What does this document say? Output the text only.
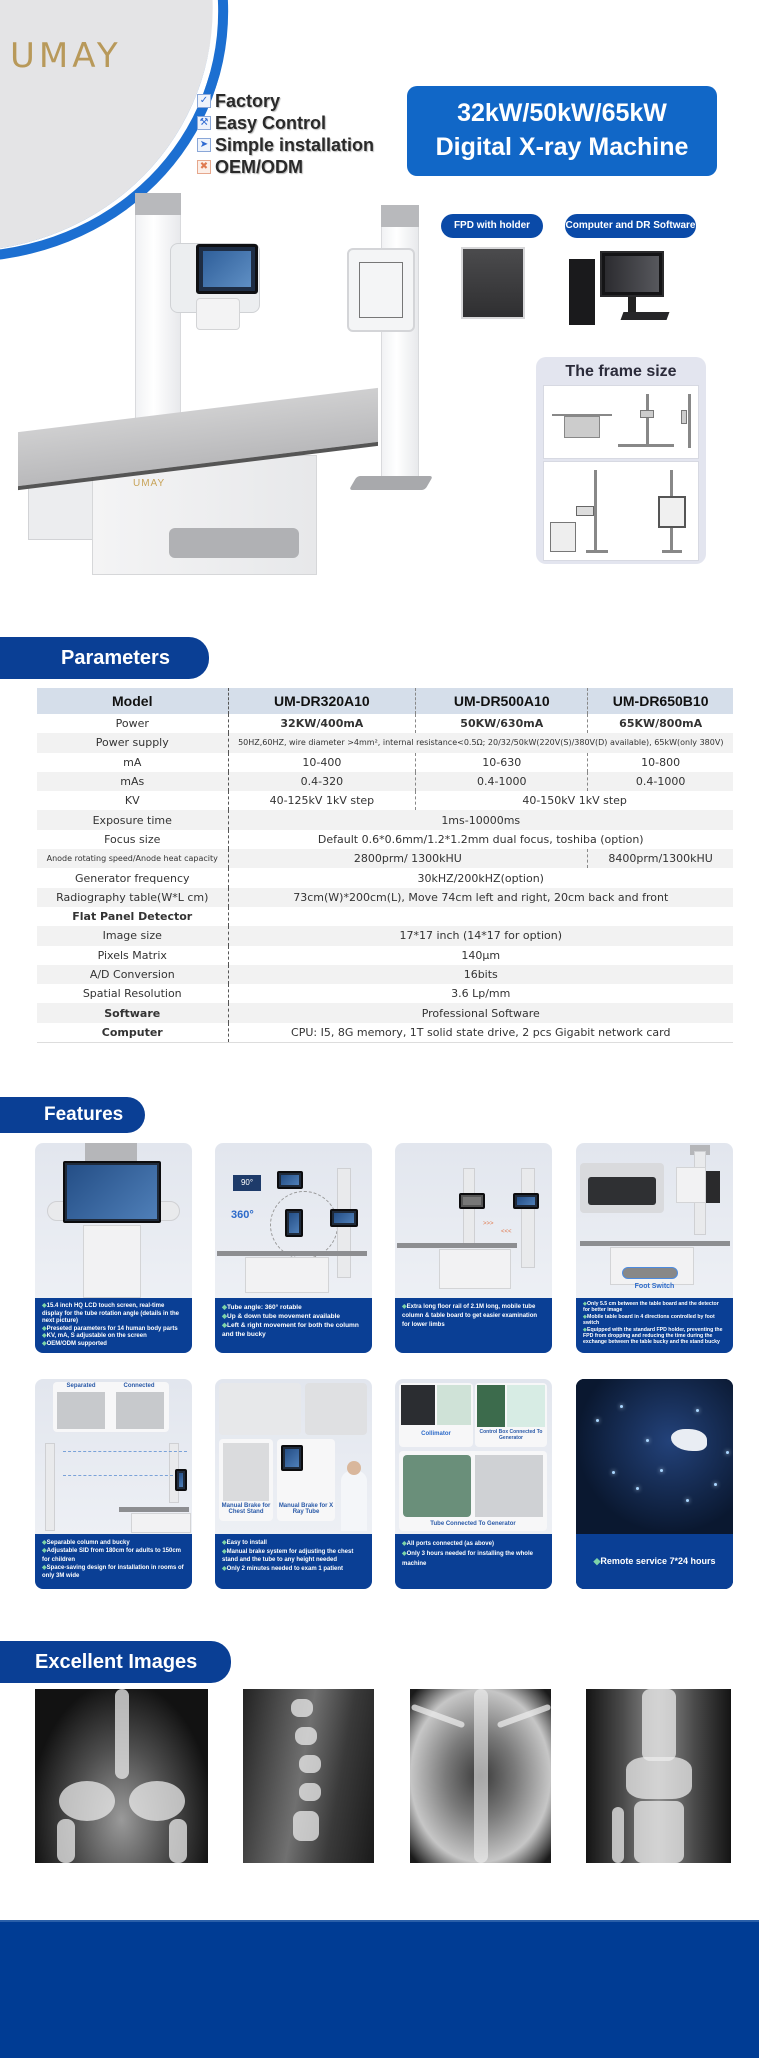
UMAY
✓ Factory
⚒ Easy Control
➤ Simple installation
✖ OEM/ODM
32kW/50kW/65kW
Digital X-ray Machine
UMAY
FPD with holder	Computer and DR Software
The frame size
Parameters
Model	UM-DR320A10	UM-DR500A10	UM-DR650B10
Power	32KW/400mA	50KW/630mA	65KW/800mA
Power supply	50HZ,60HZ, wire diameter >4mm², internal resistance<0.5Ω; 20/32/50kW(220V(S)/380V(D) available), 65kW(only 380V)		
mA	10-400	10-630	10-800
mAs	0.4-320	0.4-1000	0.4-1000
KV	40-125kV 1kV step	40-150kV 1kV step	
Exposure time	1ms-10000ms		
Focus size	Default 0.6*0.6mm/1.2*1.2mm dual focus, toshiba (option)		
Anode rotating speed/Anode heat capacity	2800prm/ 1300kHU		8400prm/1300kHU
Generator frequency	30kHZ/200kHZ(option)		
Radiography table(W*L cm)	73cm(W)*200cm(L), Move 74cm left and right, 20cm back and front		
Flat Panel Detector			
Image size	17*17 inch (14*17 for option)		
Pixels Matrix	140μm		
A/D Conversion	16bits		
Spatial Resolution	3.6 Lp/mm		
Software	Professional Software		
Computer	CPU: I5, 8G memory, 1T solid state drive, 2 pcs Gigabit network card		
Features

◆ 15.4 inch HQ LCD touch screen, real-time display for the tube rotation angle (details in the next picture)

◆ Preseted parameters for 14 human body parts

◆ KV, mA, S adjustable on the screen

◆ OEM/ODM supported

90°
360°

◆ Tube angle: 360° rotable

◆ Up & down tube movement available

◆ Left & right movement for both the column and the bucky

>>>
<<<

◆ Extra long floor rail of 2.1M long, mobile tube column & table board to get easier examination for lower limbs

Foot Switch

◆ Only 5.5 cm between the table board and the detector for better image

◆ Mobile table board in 4 directions controlled by foot switch

◆ Equipped with the standard FPD holder, preventing the FPD from dropping and reducing the time during the exchange between the table bucky and the stand bucky

Separated	Connected

◆ Separable column and bucky

◆ Adjustable SID from 180cm for adults to 150cm for children

◆ Space-saving design for installation in rooms of only 3M wide

Manual Brake for Chest Stand
Manual Brake for X Ray Tube

◆ Easy to install

◆ Manual brake system for adjusting the chest stand and the tube to any height needed

◆ Only 2 minutes needed to exam 1 patient

Collimator	Control Box Connected To Generator
Tube Connected To Generator

◆ All ports connected (as above)

◆ Only 3 hours needed for installing the whole machine	◆ Remote service 7*24 hours

Excellent Images
